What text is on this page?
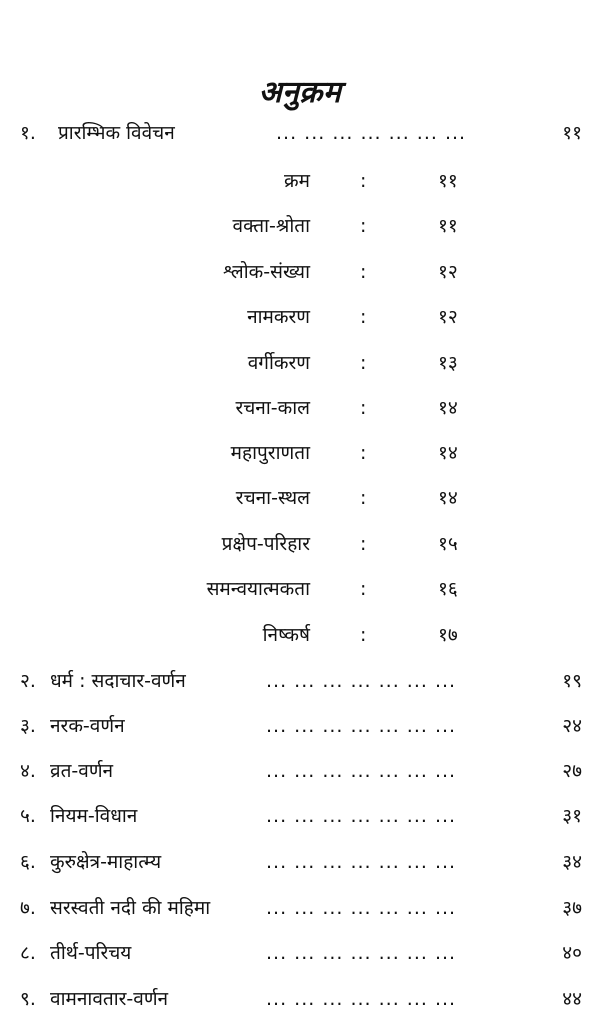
अनुक्रम
१. प्रारम्भिक विवेचन	... ... ... ... ... ... ...	११
क्रम	:	११
वक्ता-श्रोता	:	११
श्लोक-संख्या	:	१२
नामकरण	:	१२
वर्गीकरण	:	१३
रचना-काल	:	१४
महापुराणता	:	१४
रचना-स्थल	:	१४
प्रक्षेप-परिहार	:	१५
समन्वयात्मकता	:	१६
निष्कर्ष	:	१७
२. धर्म : सदाचार-वर्णन	... ... ... ... ... ... ...	१९
३. नरक-वर्णन	... ... ... ... ... ... ...	२४
४. व्रत-वर्णन	... ... ... ... ... ... ...	२७
५. नियम-विधान	... ... ... ... ... ... ...	३१
६. कुरुक्षेत्र-माहात्म्य	... ... ... ... ... ... ...	३४
७. सरस्वती नदी की महिमा	... ... ... ... ... ... ...	३७
८. तीर्थ-परिचय	... ... ... ... ... ... ...	४०
९. वामनावतार-वर्णन	... ... ... ... ... ... ...	४४
